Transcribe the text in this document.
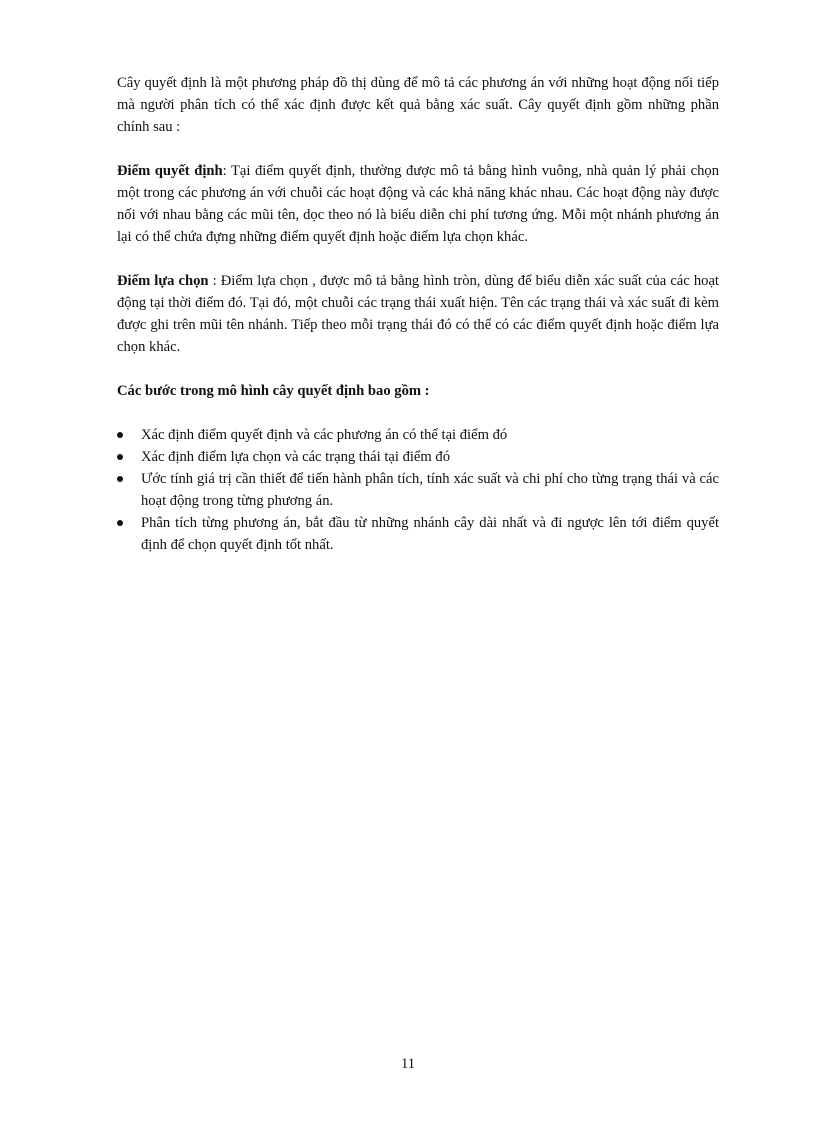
Cây quyết định là một phương pháp đồ thị dùng để mô tả các phương án với những hoạt động nối tiếp mà người phân tích có thể xác định được kết quả bằng xác suất. Cây quyết định gồm những phần chính sau :

Điểm quyết định: Tại điểm quyết định, thường được mô tả bằng hình vuông, nhà quản lý phải chọn một trong các phương án với chuỗi các hoạt động và các khả năng khác nhau. Các hoạt động này được nối với nhau bằng các mũi tên, dọc theo nó là biểu diễn chi phí tương ứng. Mỗi một nhánh phương án lại có thể chứa đựng những điểm quyết định hoặc điểm lựa chọn khác.

Điểm lựa chọn : Điểm lựa chọn , được mô tả bằng hình tròn, dùng để biểu diễn xác suất của các hoạt động tại thời điểm đó. Tại đó, một chuỗi các trạng thái xuất hiện. Tên các trạng thái và xác suất đi kèm được ghi trên mũi tên nhánh. Tiếp theo mỗi trạng thái đó có thể có các điểm quyết định hoặc điểm lựa chọn khác.

Các bước trong mô hình cây quyết định bao gồm :

Xác định điểm quyết định và các phương án có thể tại điểm đó
Xác định điểm lựa chọn và các trạng thái tại điểm đó
Ước tính giá trị cần thiết để tiến hành phân tích, tính xác suất và chi phí cho từng trạng thái và các hoạt động trong từng phương án.
Phân tích từng phương án, bắt đầu từ những nhánh cây dài nhất và đi ngược lên tới điểm quyết định để chọn quyết định tốt nhất.
11
